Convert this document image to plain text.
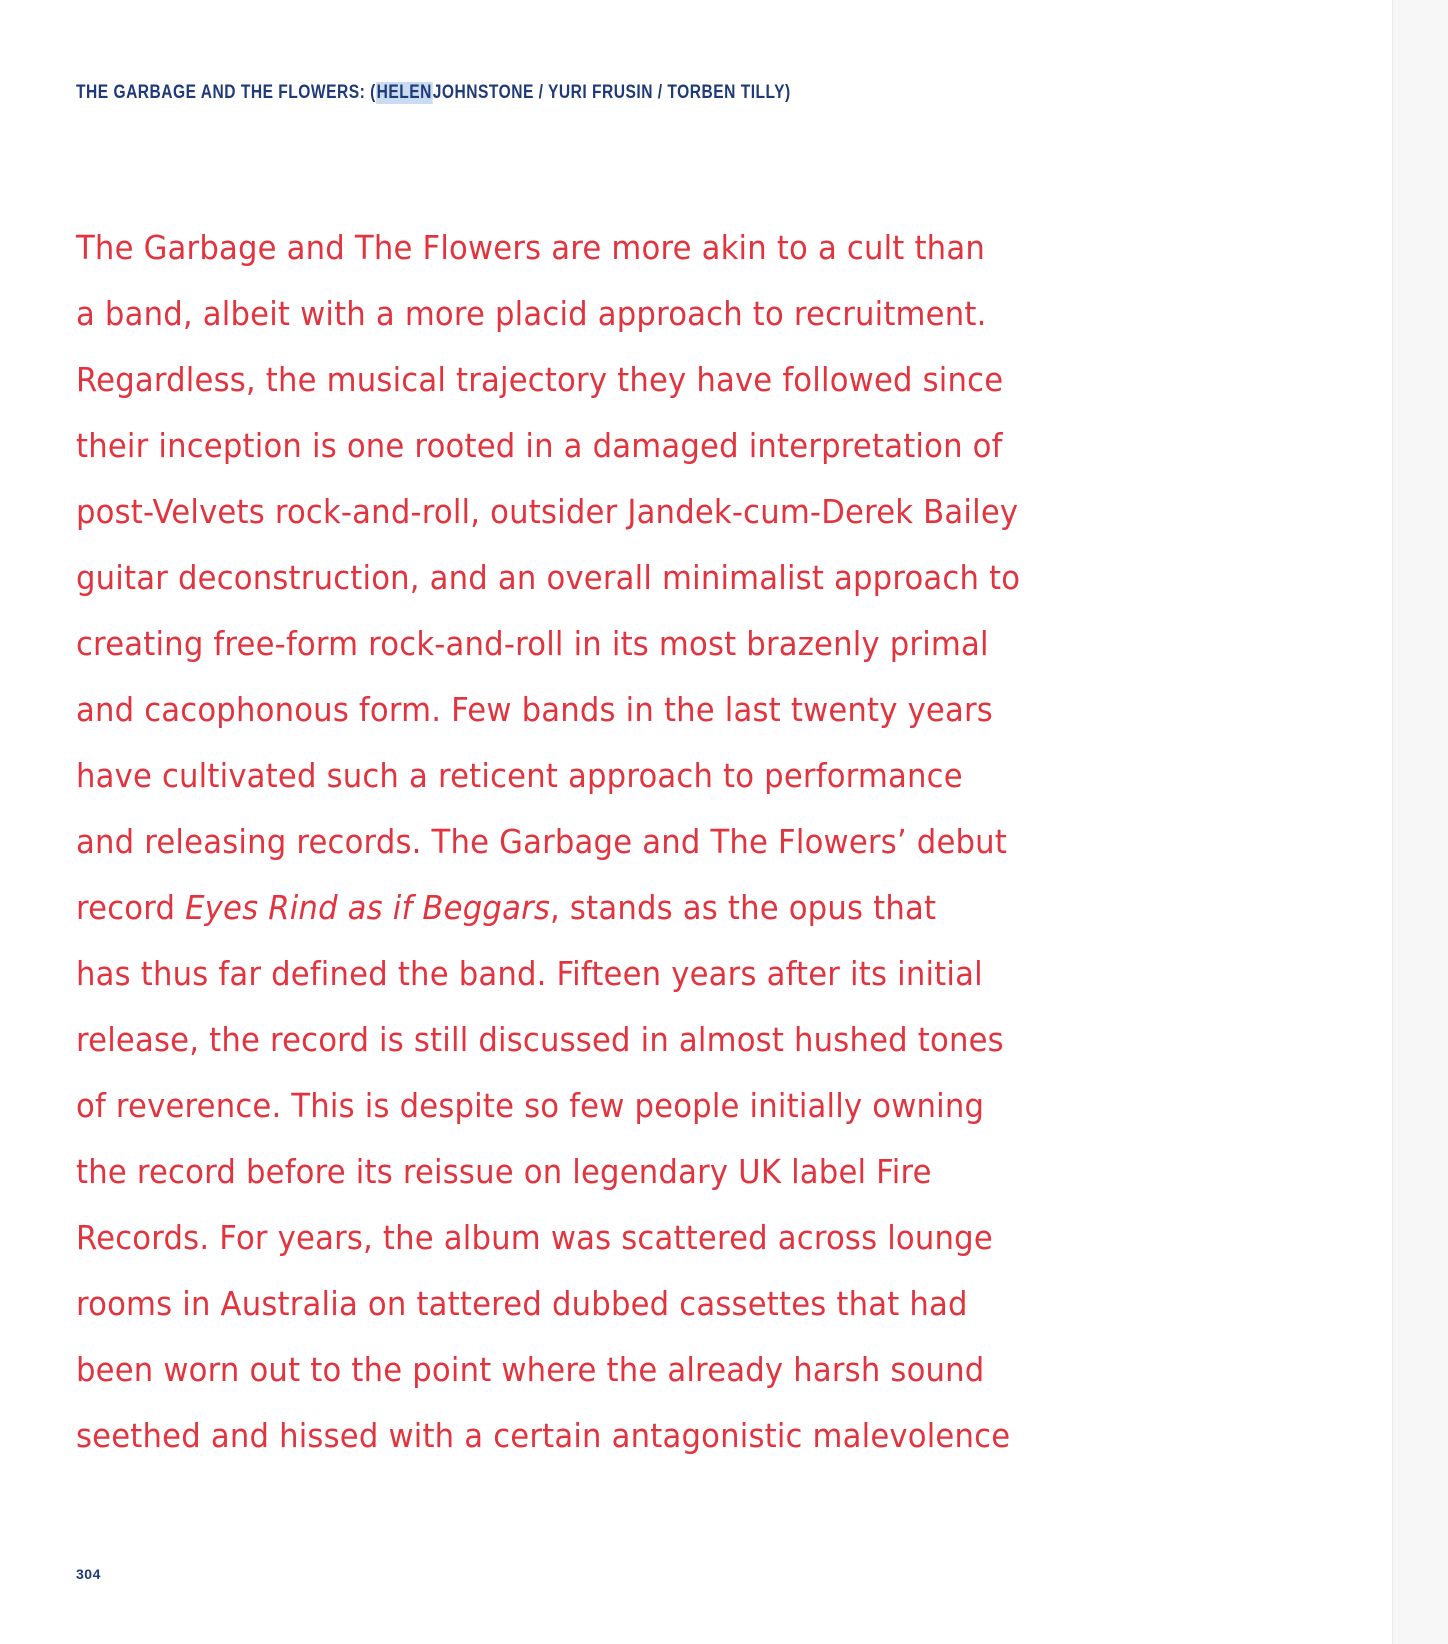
THE GARBAGE AND THE FLOWERS: ( HELEN JOHNSTONE / YURI FRUSIN / TORBEN TILLY)
The Garbage and The Flowers are more akin to a cult than
a band, albeit with a more placid approach to recruitment.
Regardless, the musical trajectory they have followed since
their inception is one rooted in a damaged interpretation of
post-Velvets rock-and-roll, outsider Jandek-cum-Derek Bailey
guitar deconstruction, and an overall minimalist approach to
creating free-form rock-and-roll in its most brazenly primal
and cacophonous form. Few bands in the last twenty years
have cultivated such a reticent approach to performance
and releasing records. The Garbage and The Flowers’ debut
record Eyes Rind as if Beggars, stands as the opus that
has thus far defined the band. Fifteen years after its initial
release, the record is still discussed in almost hushed tones
of reverence. This is despite so few people initially owning
the record before its reissue on legendary UK label Fire
Records. For years, the album was scattered across lounge
rooms in Australia on tattered dubbed cassettes that had
been worn out to the point where the already harsh sound
seethed and hissed with a certain antagonistic malevolence
304
